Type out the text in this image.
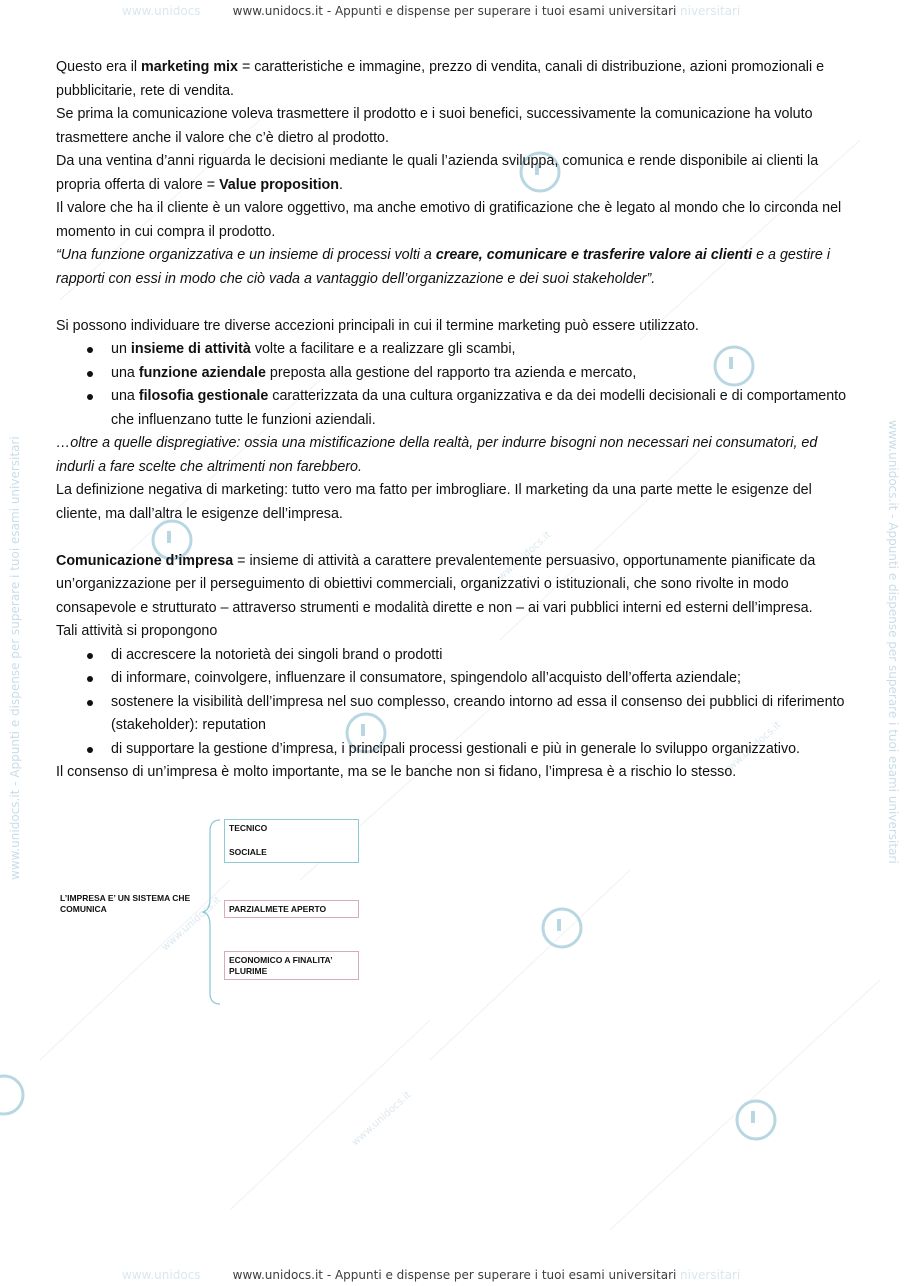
www.unidocs.it
www.unidocs.it
www.unidocs.it
www.unidocs.it
www.unidocs	www.unidocs.it - Appunti e dispense per superare i tuoi esami universitari niversitari
www.unidocs.it - Appunti e dispense per superare i tuoi esami universitari	www.unidocs.it - Appunti e dispense per superare i tuoi esami universitari

Questo era il marketing mix = caratteristiche e immagine, prezzo di vendita, canali di distribuzione, azioni promozionali e pubblicitarie, rete di vendita.

Se prima la comunicazione voleva trasmettere il prodotto e i suoi benefici, successivamente la comunicazione ha voluto trasmettere anche il valore che c’è dietro al prodotto.

Da una ventina d’anni riguarda le decisioni mediante le quali l’azienda sviluppa, comunica e rende disponibile ai clienti la propria offerta di valore = Value proposition.

Il valore che ha il cliente è un valore oggettivo, ma anche emotivo di gratificazione che è legato al mondo che lo circonda nel momento in cui compra il prodotto.

“Una funzione organizzativa e un insieme di processi volti a creare, comunicare e trasferire valore ai clienti e a gestire i rapporti con essi in modo che ciò vada a vantaggio dell’organizzazione e dei suoi stakeholder”.

Si possono individuare tre diverse accezioni principali in cui il termine marketing può essere utilizzato.

un insieme di attività volte a facilitare e a realizzare gli scambi,
una funzione aziendale preposta alla gestione del rapporto tra azienda e mercato,
una filosofia gestionale caratterizzata da una cultura organizzativa e da dei modelli decisionali e di comportamento che influenzano tutte le funzioni aziendali.

…oltre a quelle dispregiative: ossia una mistificazione della realtà, per indurre bisogni non necessari nei consumatori, ed indurli a fare scelte che altrimenti non farebbero.

La definizione negativa di marketing: tutto vero ma fatto per imbrogliare. Il marketing da una parte mette le esigenze del cliente, ma dall’altra le esigenze dell’impresa.

Comunicazione d’impresa = insieme di attività a carattere prevalentemente persuasivo, opportunamente pianificate da un’organizzazione per il perseguimento di obiettivi commerciali, organizzativi o istituzionali, che sono rivolte in modo consapevole e strutturato – attraverso strumenti e modalità dirette e non – ai vari pubblici interni ed esterni dell’impresa.

Tali attività si propongono

di accrescere la notorietà dei singoli brand o prodotti
di informare, coinvolgere, influenzare il consumatore, spingendolo all’acquisto dell’offerta aziendale;
sostenere la visibilità dell’impresa nel suo complesso, creando intorno ad essa il consenso dei pubblici di riferimento (stakeholder): reputation
di supportare la gestione d’impresa, i principali processi gestionali e più in generale lo sviluppo organizzativo.

Il consenso di un’impresa è molto importante, ma se le banche non si fidano, l’impresa è a rischio lo stesso.

L’IMPRESA E’ UN SISTEMA CHE COMUNICA
TECNICO
SOCIALE
PARZIALMETE APERTO
ECONOMICO A FINALITA’
PLURIME
www.unidocs	www.unidocs.it - Appunti e dispense per superare i tuoi esami universitari niversitari
